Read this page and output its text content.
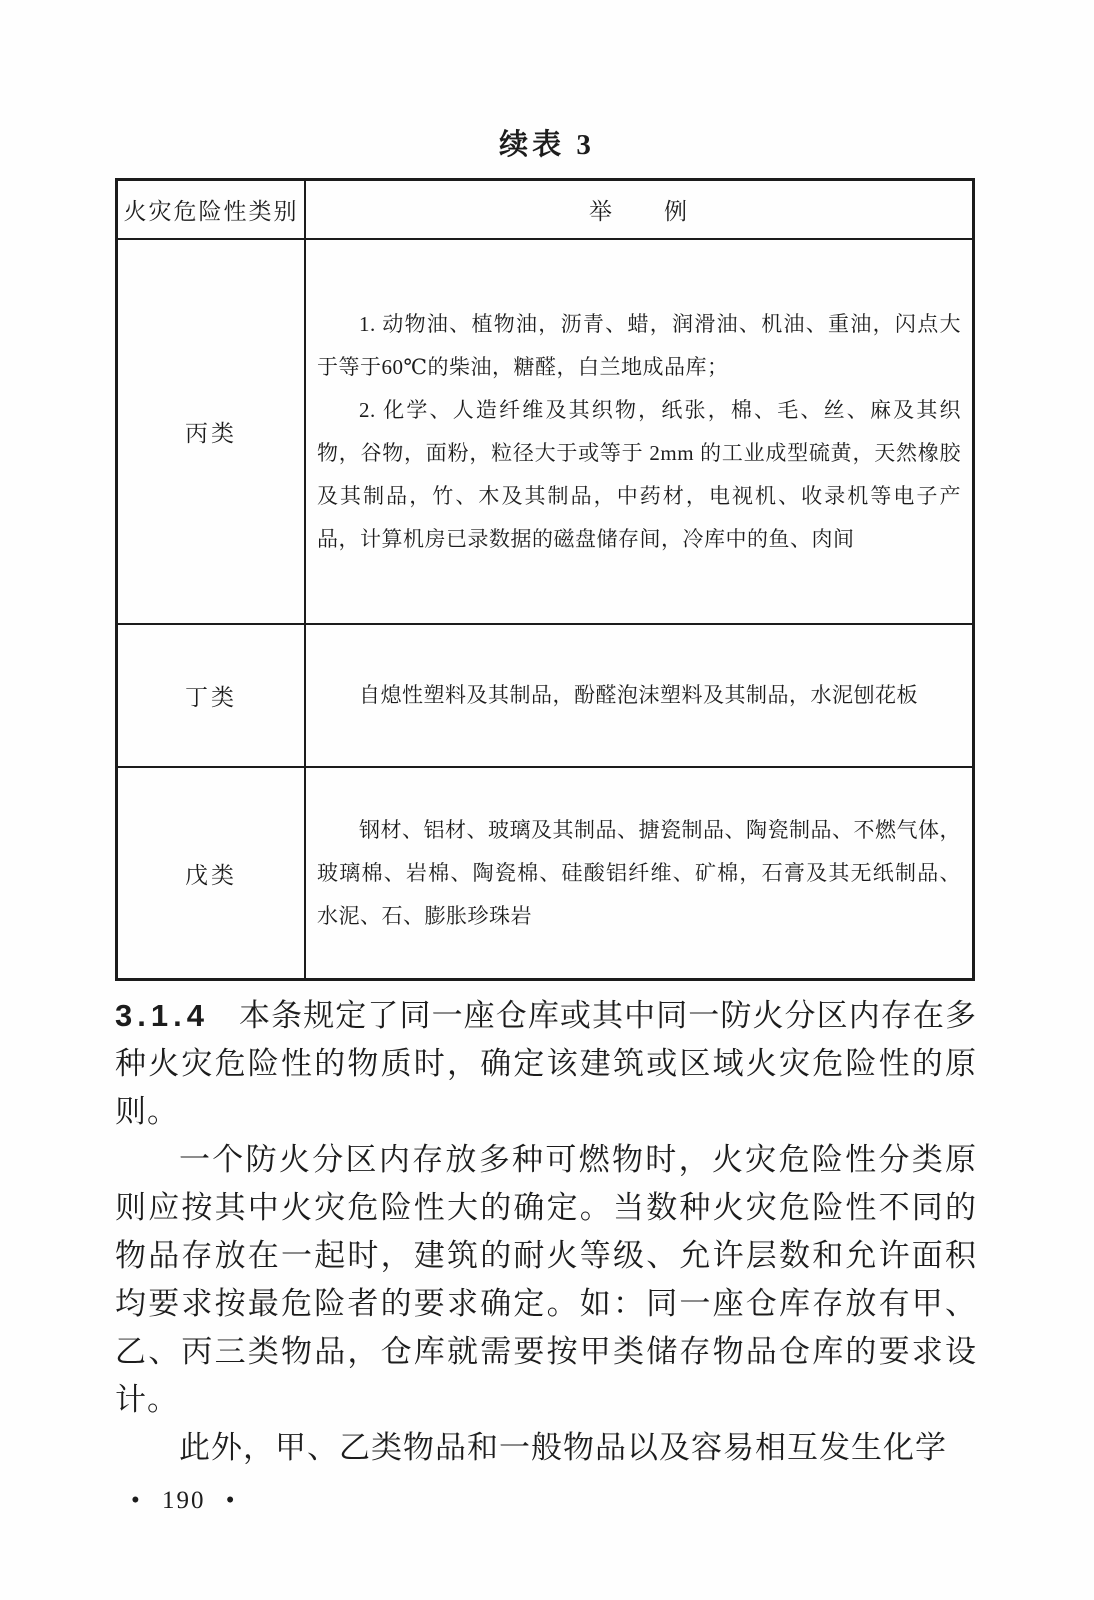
续表 3
火灾危险性类别	举　　例
丙类

1. 动物油、植物油，沥青、蜡，润滑油、机油、重油，闪点大于等于60℃的柴油，糖醛，白兰地成品库；

2. 化学、人造纤维及其织物，纸张，棉、毛、丝、麻及其织物，谷物，面粉，粒径大于或等于 2mm 的工业成型硫黄，天然橡胶及其制品，竹、木及其制品，中药材，电视机、收录机等电子产品，计算机房已录数据的磁盘储存间，冷库中的鱼、肉间

丁类	自熄性塑料及其制品，酚醛泡沫塑料及其制品，水泥刨花板

戊类

钢材、铝材、玻璃及其制品、搪瓷制品、陶瓷制品、不燃气体，玻璃棉、岩棉、陶瓷棉、硅酸铝纤维、矿棉，石膏及其无纸制品、水泥、石、膨胀珍珠岩

3.1.4 本条规定了同一座仓库或其中同一防火分区内存在多种火灾危险性的物质时，确定该建筑或区域火灾危险性的原则。

一个防火分区内存放多种可燃物时，火灾危险性分类原则应按其中火灾危险性大的确定。当数种火灾危险性不同的物品存放在一起时，建筑的耐火等级、允许层数和允许面积均要求按最危险者的要求确定。如：同一座仓库存放有甲、乙、丙三类物品，仓库就需要按甲类储存物品仓库的要求设计。

此外，甲、乙类物品和一般物品以及容易相互发生化学

• 190 •
